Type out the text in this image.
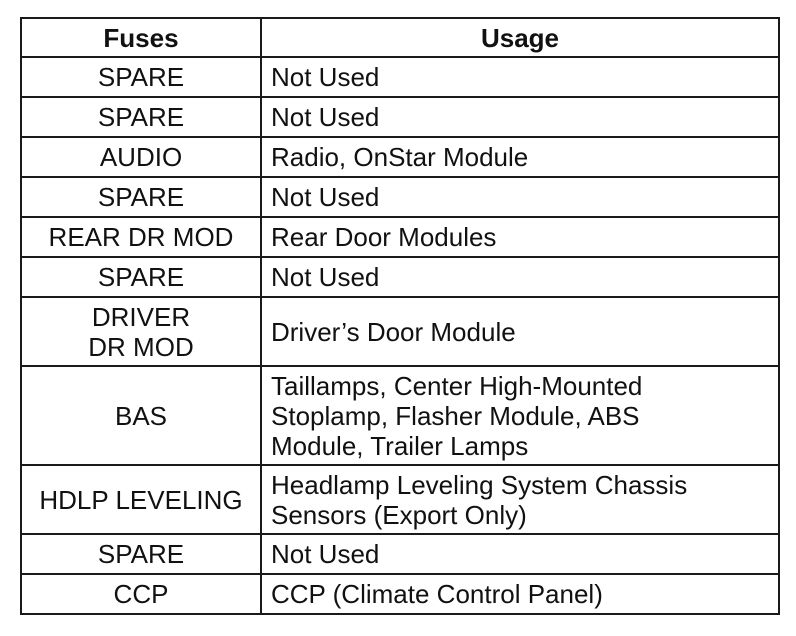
Fuses	Usage
SPARE	Not Used

SPARE	Not Used

AUDIO	Radio, OnStar Module

SPARE	Not Used

REAR DR MOD	Rear Door Modules

SPARE	Not Used

DRIVER
DR MOD	Driver’s Door Module

BAS	Taillamps, Center High-Mounted
Stoplamp, Flasher Module, ABS
Module, Trailer Lamps

HDLP LEVELING	Headlamp Leveling System Chassis
Sensors (Export Only)

SPARE	Not Used

CCP	CCP (Climate Control Panel)
